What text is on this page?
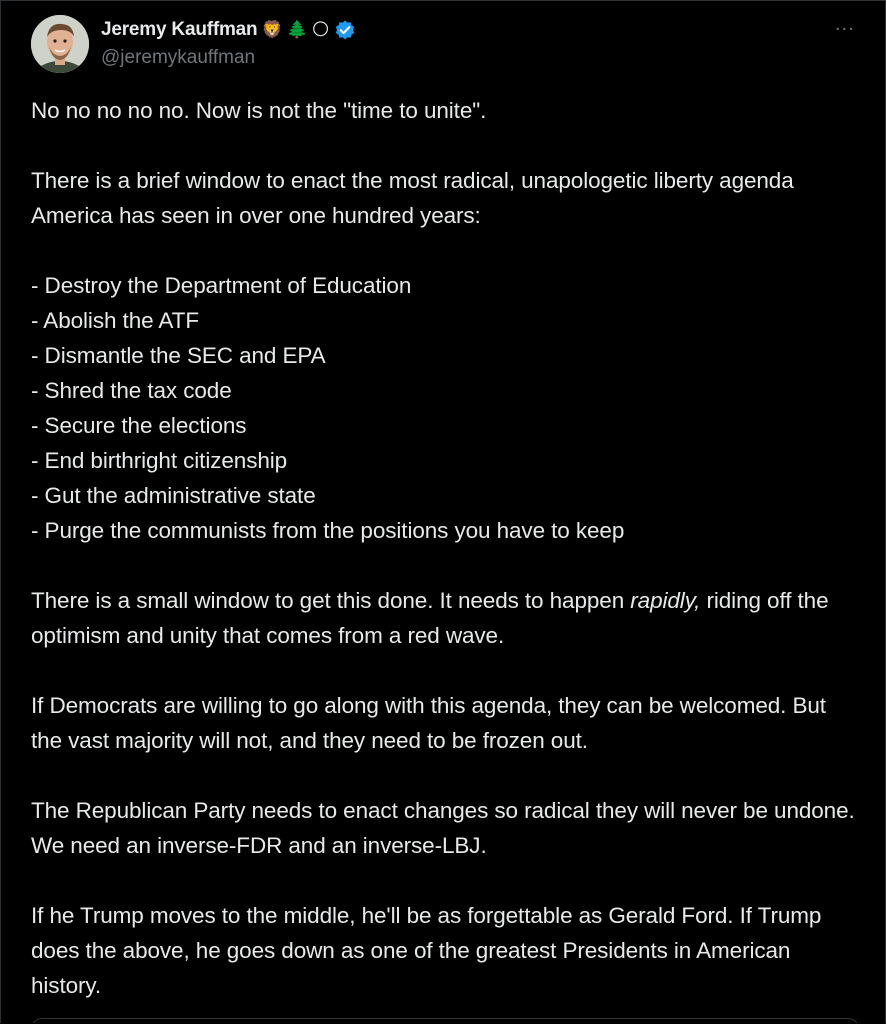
Jeremy Kauffman 🦁 🌲 🌕
@jeremykauffman
···

No no no no no. Now is not the "time to unite".

There is a brief window to enact the most radical, unapologetic liberty agenda America has seen in over one hundred years:

- Destroy the Department of Education

- Abolish the ATF

- Dismantle the SEC and EPA

- Shred the tax code

- Secure the elections

- End birthright citizenship

- Gut the administrative state

- Purge the communists from the positions you have to keep

There is a small window to get this done. It needs to happen rapidly, riding off the optimism and unity that comes from a red wave.

If Democrats are willing to go along with this agenda, they can be welcomed. But the vast majority will not, and they need to be frozen out.

The Republican Party needs to enact changes so radical they will never be undone. We need an inverse-FDR and an inverse-LBJ.

If he Trump moves to the middle, he'll be as forgettable as Gerald Ford. If Trump does the above, he goes down as one of the greatest Presidents in American history.
